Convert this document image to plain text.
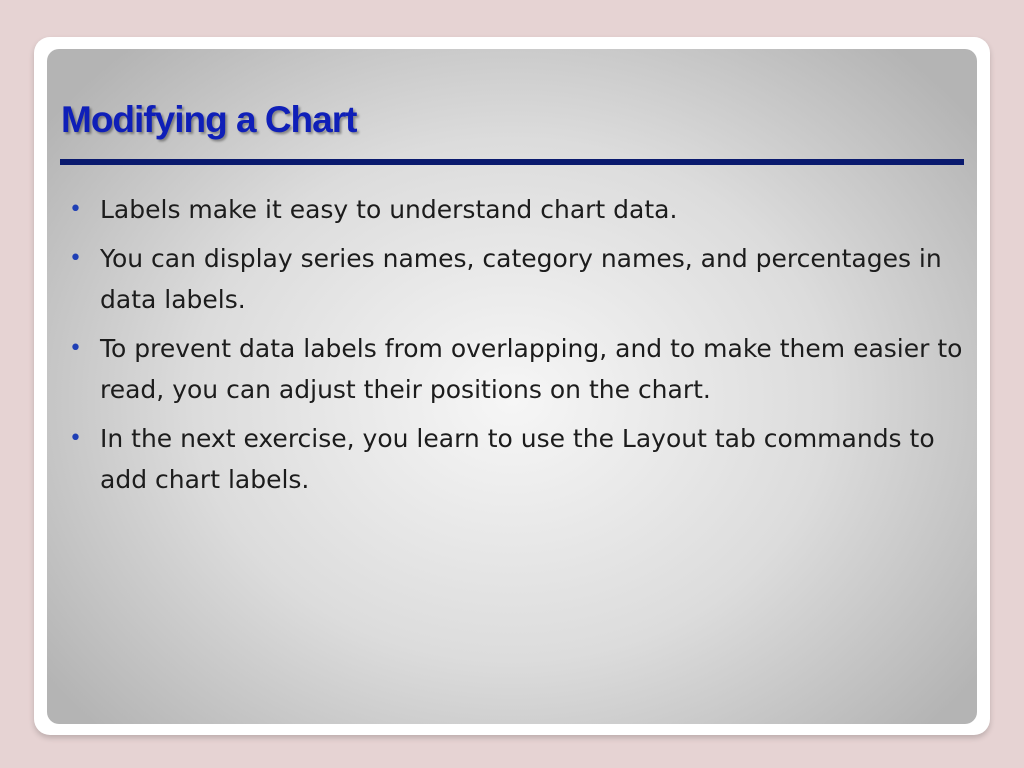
Modifying a Chart
• Labels make it easy to understand chart data.
• You can display series names, category names, and percentages in data labels.
• To prevent data labels from overlapping, and to make them easier to read, you can adjust their positions on the chart.
• In the next exercise, you learn to use the Layout tab commands to add chart labels.
